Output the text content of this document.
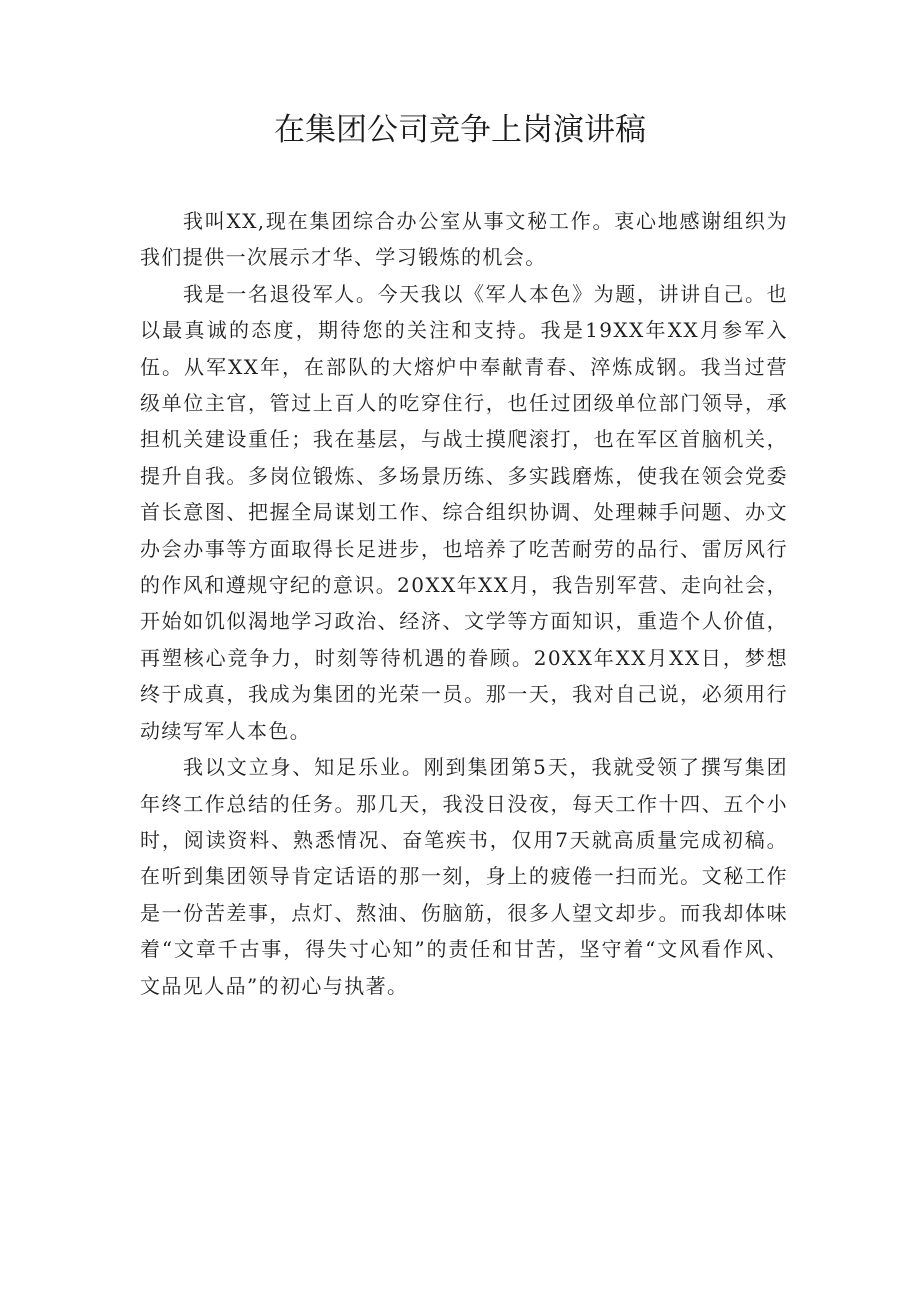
在集团公司竞争上岗演讲稿

我叫XX,现在集团综合办公室从事文秘工作。衷心地感谢组织为我们提供一次展示才华、学习锻炼的机会。

我是一名退役军人。今天我以《军人本色》为题，讲讲自己。也以最真诚的态度，期待您的关注和支持。我是19XX年XX月参军入伍。从军XX年，在部队的大熔炉中奉献青春、淬炼成钢。我当过营级单位主官，管过上百人的吃穿住行，也任过团级单位部门领导，承担机关建设重任；我在基层，与战士摸爬滚打，也在军区首脑机关，提升自我。多岗位锻炼、多场景历练、多实践磨炼，使我在领会党委首长意图、把握全局谋划工作、综合组织协调、处理棘手问题、办文办会办事等方面取得长足进步，也培养了吃苦耐劳的品行、雷厉风行的作风和遵规守纪的意识。20XX年XX月，我告别军营、走向社会，开始如饥似渴地学习政治、经济、文学等方面知识，重造个人价值，再塑核心竞争力，时刻等待机遇的眷顾。20XX年XX月XX日，梦想终于成真，我成为集团的光荣一员。那一天，我对自己说，必须用行动续写军人本色。

我以文立身、知足乐业。刚到集团第5天，我就受领了撰写集团年终工作总结的任务。那几天，我没日没夜，每天工作十四、五个小时，阅读资料、熟悉情况、奋笔疾书，仅用7天就高质量完成初稿。在听到集团领导肯定话语的那一刻，身上的疲倦一扫而光。文秘工作是一份苦差事，点灯、熬油、伤脑筋，很多人望文却步。而我却体味着“文章千古事，得失寸心知”的责任和甘苦，坚守着“文风看作风、文品见人品”的初心与执著。
